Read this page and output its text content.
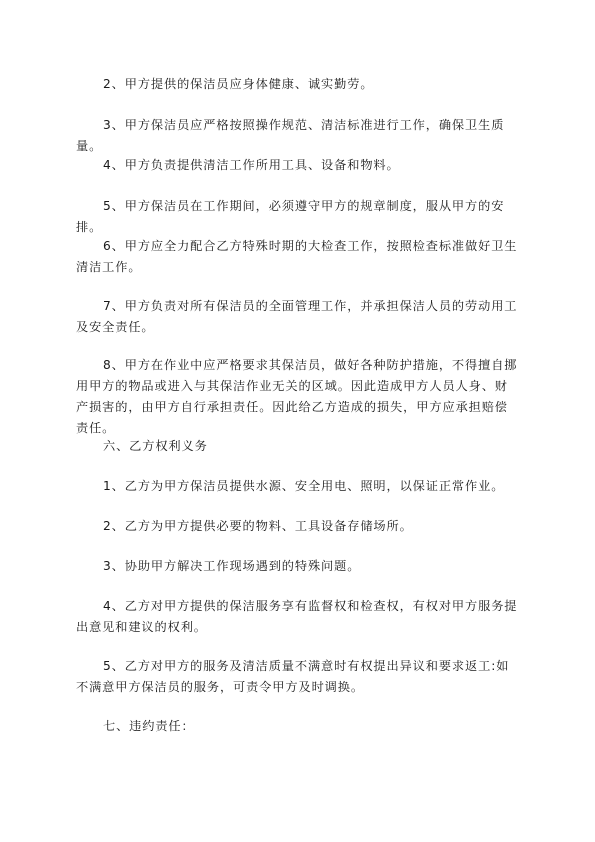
2、甲方提供的保洁员应身体健康、诚实勤劳。

3、甲方保洁员应严格按照操作规范、清洁标准进行工作，确保卫生质量。

4、甲方负责提供清洁工作所用工具、设备和物料。

5、甲方保洁员在工作期间，必须遵守甲方的规章制度，服从甲方的安排。

6、甲方应全力配合乙方特殊时期的大检查工作，按照检查标准做好卫生清洁工作。

7、甲方负责对所有保洁员的全面管理工作，并承担保洁人员的劳动用工及安全责任。

8、甲方在作业中应严格要求其保洁员，做好各种防护措施，不得擅自挪用甲方的物品或进入与其保洁作业无关的区域。因此造成甲方人员人身、财产损害的，由甲方自行承担责任。因此给乙方造成的损失，甲方应承担赔偿责任。

六、乙方权利义务

1、乙方为甲方保洁员提供水源、安全用电、照明，以保证正常作业。

2、乙方为甲方提供必要的物料、工具设备存储场所。

3、协助甲方解决工作现场遇到的特殊问题。

4、乙方对甲方提供的保洁服务享有监督权和检查权，有权对甲方服务提出意见和建议的权利。

5、乙方对甲方的服务及清洁质量不满意时有权提出异议和要求返工:如不满意甲方保洁员的服务，可责令甲方及时调换。

七、违约责任：
